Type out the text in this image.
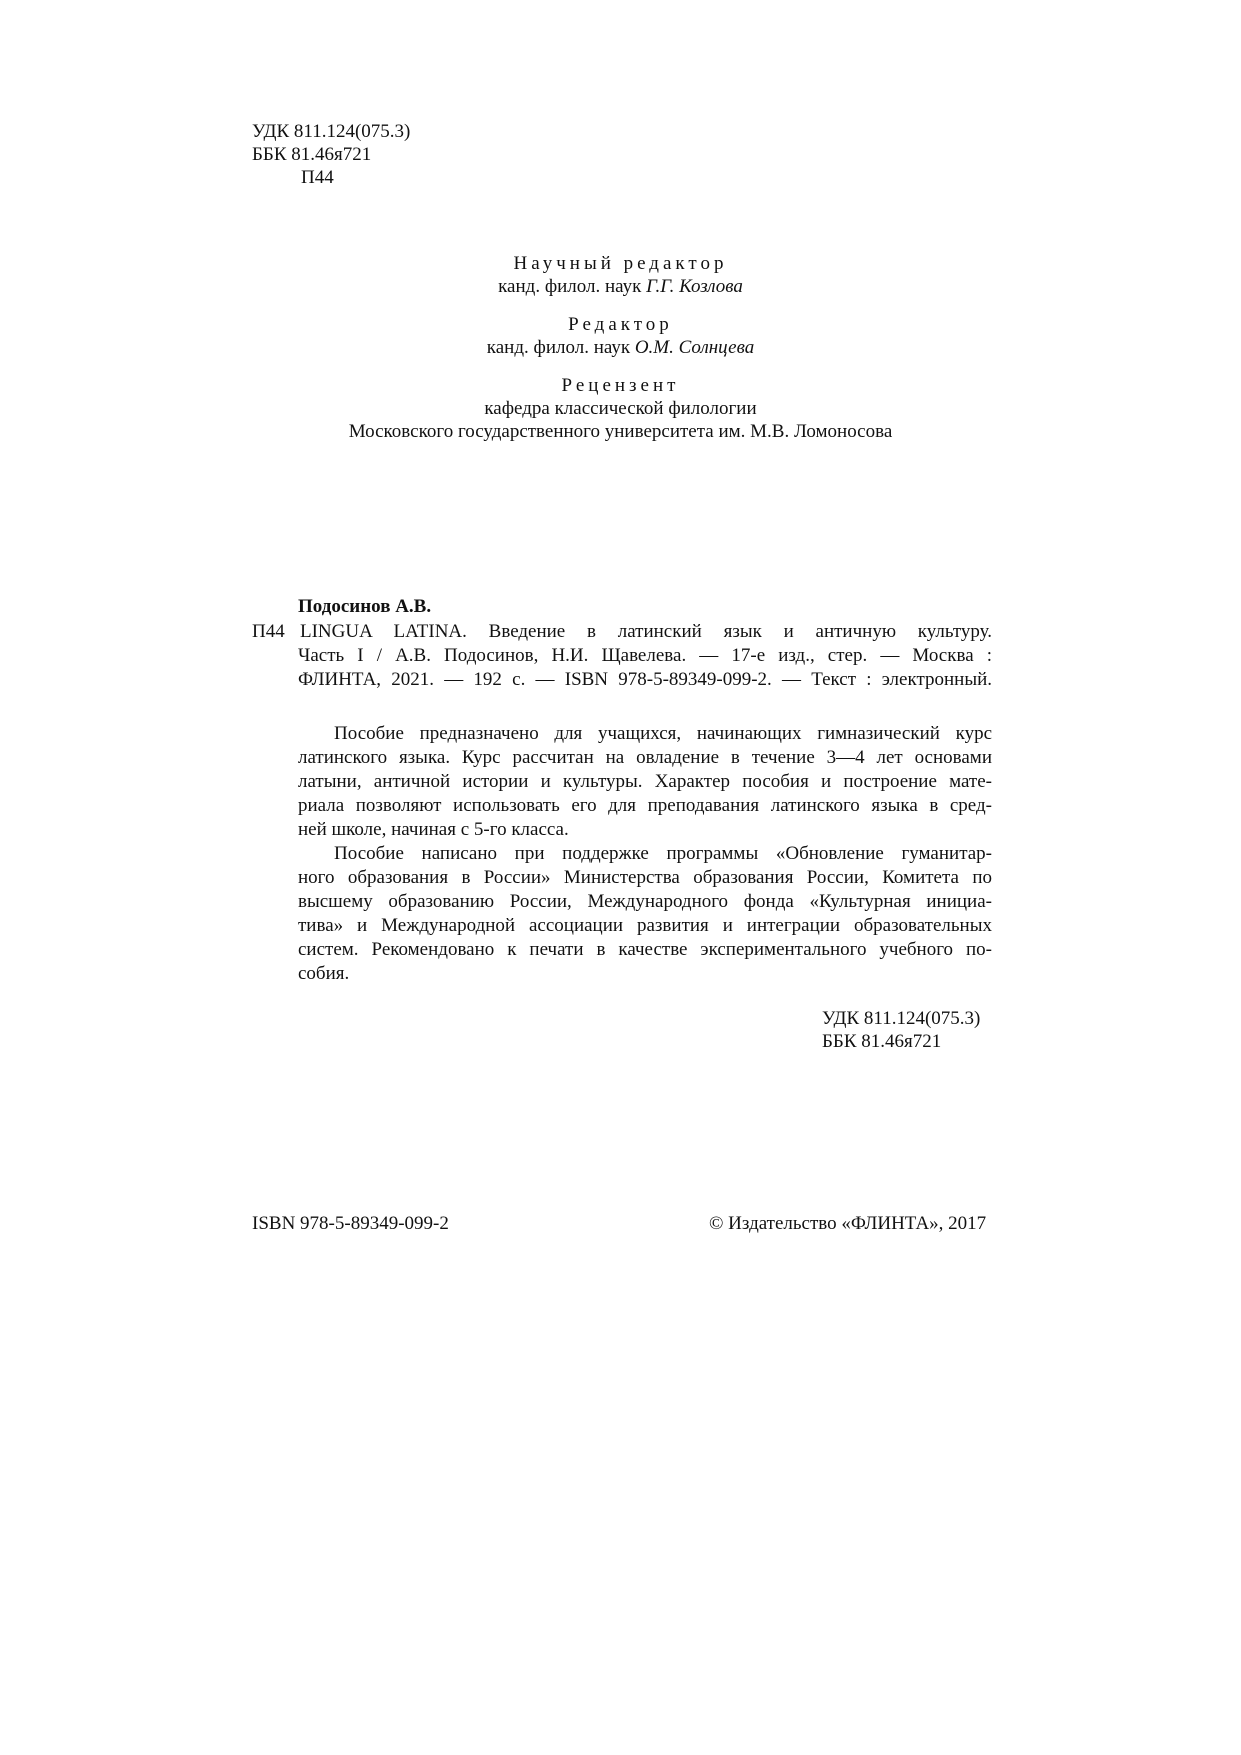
УДК 811.124(075.3)
ББК 81.46я721
П44
Научный редактор
канд. филол. наук Г.Г. Козлова
Редактор
канд. филол. наук О.М. Солнцева
Рецензент
кафедра классической филологии
Московского государственного университета им. М.В. Ломоносова
Подосинов А.В.
П44 LINGUA LATINA. Введение в латинский язык и античную культуру.
Часть I / А.В. Подосинов, Н.И. Щавелева. — 17-е изд., стер. — Москва :
ФЛИНТА, 2021. — 192 с. — ISBN 978-5-89349-099-2. — Текст : электронный.
Пособие предназначено для учащихся, начинающих гимназический курс
латинского языка. Курс рассчитан на овладение в течение 3—4 лет основами
латыни, античной истории и культуры. Характер пособия и построение мате-
риала позволяют использовать его для преподавания латинского языка в сред-
ней школе, начиная с 5-го класса.
Пособие написано при поддержке программы «Обновление гуманитар-
ного образования в России» Министерства образования России, Комитета по
высшему образованию России, Международного фонда «Культурная инициа-
тива» и Международной ассоциации развития и интеграции образовательных
систем. Рекомендовано к печати в качестве экспериментального учебного по-
собия.
УДК 811.124(075.3)
ББК 81.46я721
ISBN 978-5-89349-099-2	© Издательство «ФЛИНТА», 2017
